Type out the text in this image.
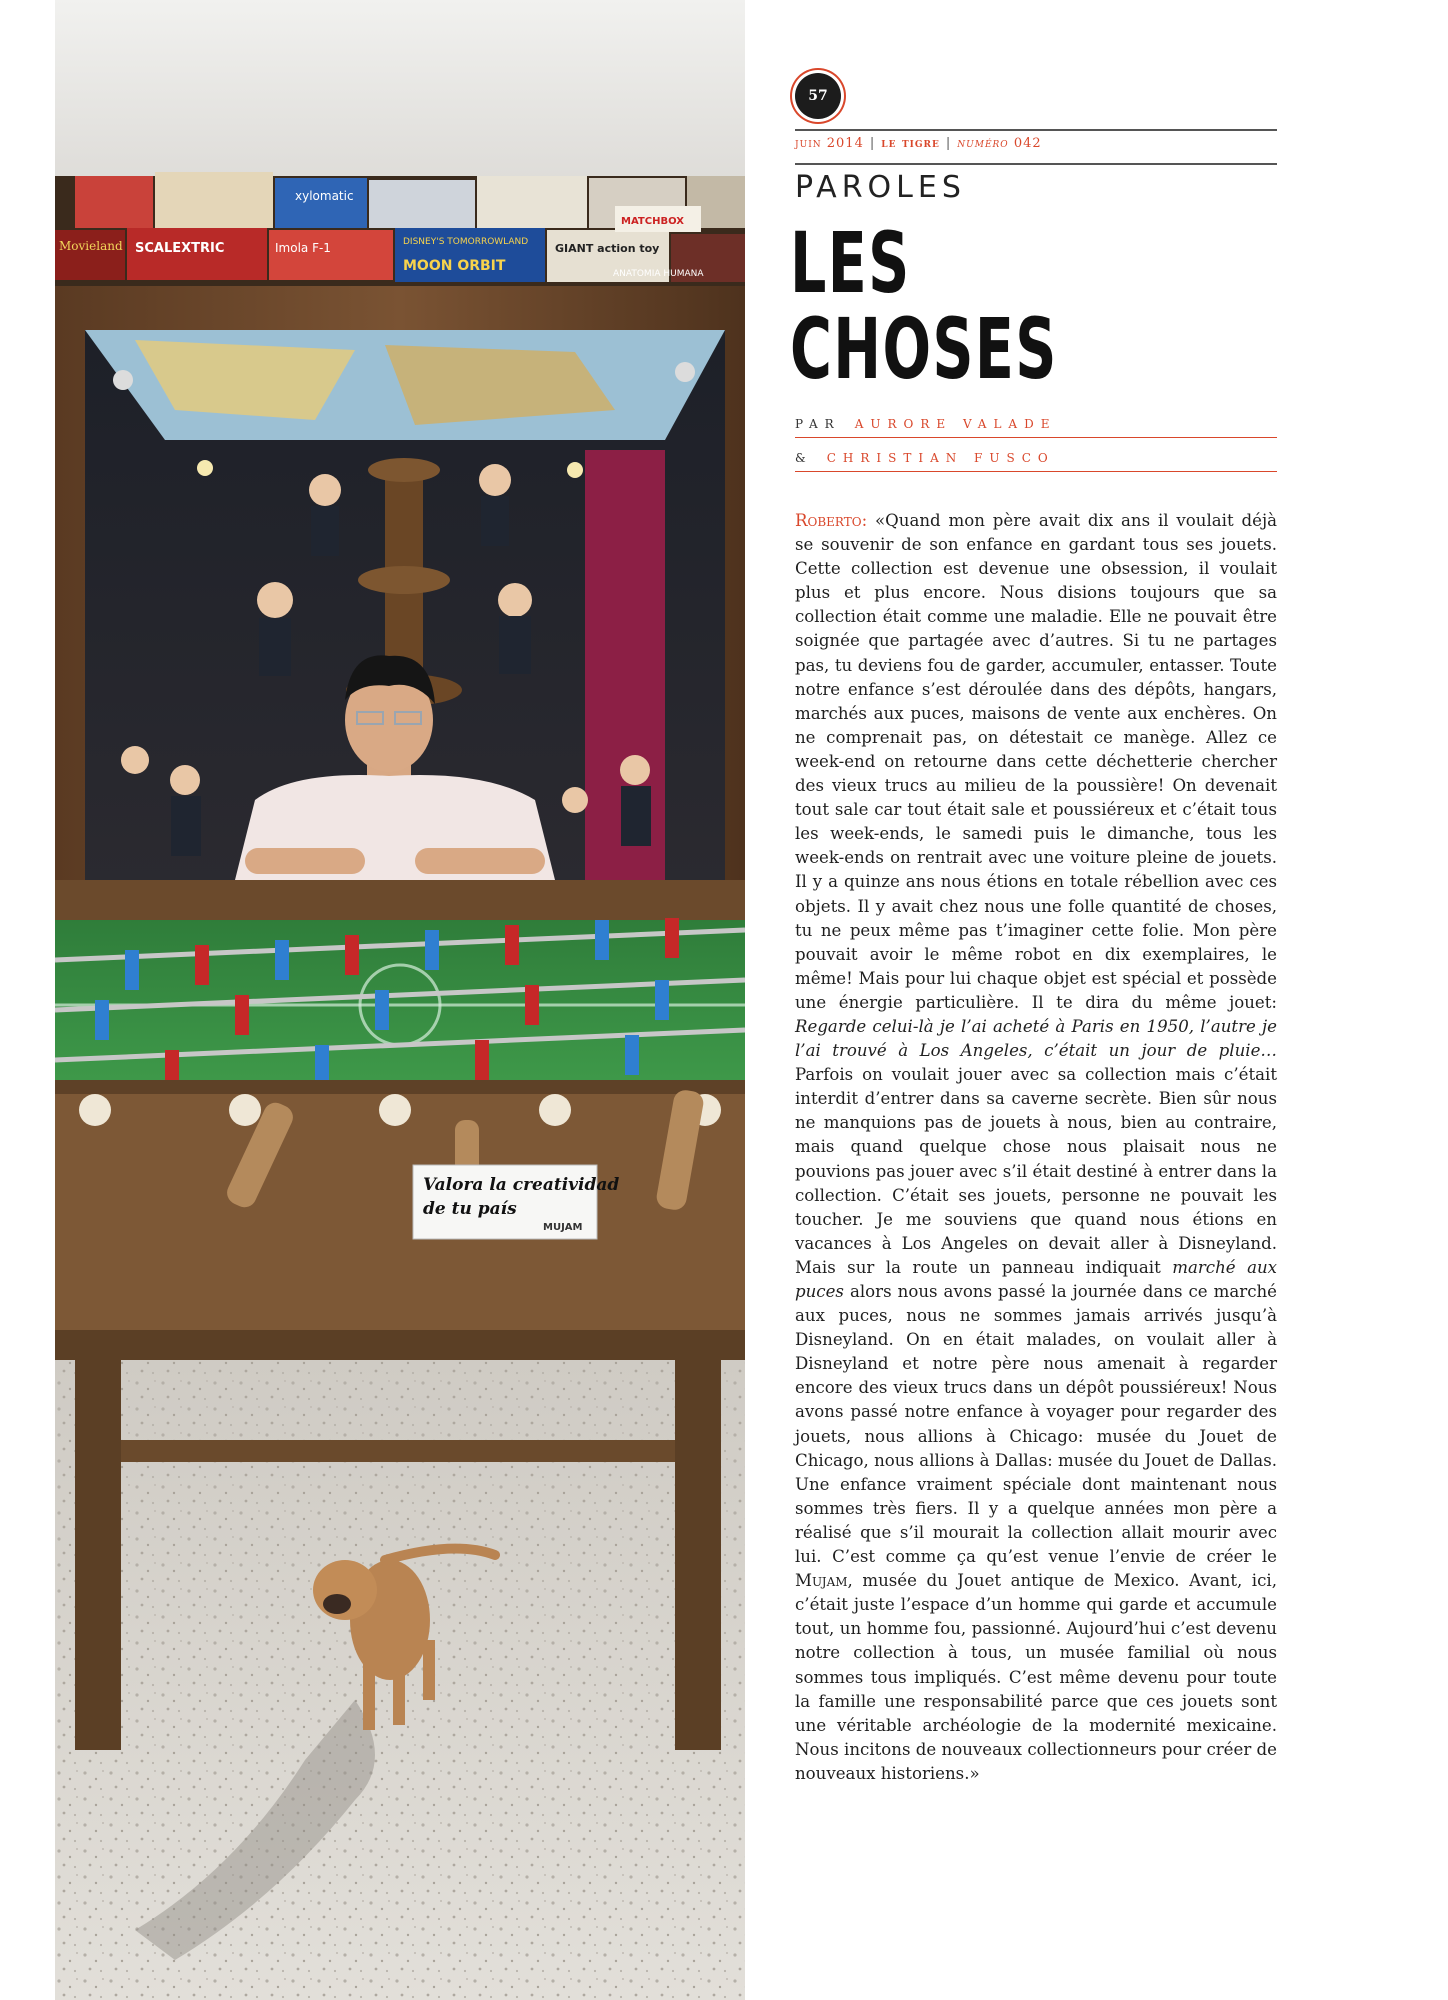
xylomatic
Movieland SCALEXTRIC	Imola F-1	DISNEY'S TOMORROWLAND
MOON ORBIT
GIANT action toy
MATCHBOX
ANATOMIA HUMANA
Valora la creatividad
de tu país
MUJAM
57
juin 2014 | le tigre | numéro 042
PAROLES
LES
CHOSES
PAR AURORE VALADE
& CHRISTIAN FUSCO

Roberto: «Quand mon père avait dix ans il voulait déjà se souvenir de son enfance en gardant tous ses jouets. Cette collection est devenue une obsession, il voulait plus et plus encore. Nous disions toujours que sa collection était comme une maladie. Elle ne pouvait être soignée que partagée avec d’autres. Si tu ne partages pas, tu deviens fou de garder, accumuler, entasser. Toute notre enfance s’est déroulée dans des dépôts, hangars, marchés aux puces, maisons de vente aux enchères. On ne comprenait pas, on détestait ce manège. Allez ce week-end on retourne dans cette déchetterie chercher des vieux trucs au milieu de la poussière! On devenait tout sale car tout était sale et poussiéreux et c’était tous les week-ends, le samedi puis le dimanche, tous les week-ends on rentrait avec une voiture pleine de jouets. Il y a quinze ans nous étions en totale rébellion avec ces objets. Il y avait chez nous une folle quantité de choses, tu ne peux même pas t’imaginer cette folie. Mon père pouvait avoir le même robot en dix exemplaires, le même! Mais pour lui chaque objet est spécial et possède une énergie particulière. Il te dira du même jouet: Regarde celui-là je l’ai acheté à Paris en 1950, l’autre je l’ai trouvé à Los Angeles, c’était un jour de pluie… Parfois on voulait jouer avec sa collection mais c’était interdit d’entrer dans sa caverne secrète. Bien sûr nous ne manquions pas de jouets à nous, bien au contraire, mais quand quelque chose nous plaisait nous ne pouvions pas jouer avec s’il était destiné à entrer dans la collection. C’était ses jouets, personne ne pouvait les toucher. Je me souviens que quand nous étions en vacances à Los Angeles on devait aller à Disneyland. Mais sur la route un panneau indiquait marché aux puces alors nous avons passé la journée dans ce marché aux puces, nous ne sommes jamais arrivés jusqu’à Disneyland. On en était malades, on voulait aller à Disneyland et notre père nous amenait à regarder encore des vieux trucs dans un dépôt poussiéreux! Nous avons passé notre enfance à voyager pour regarder des jouets, nous allions à Chicago: musée du Jouet de Chicago, nous allions à Dallas: musée du Jouet de Dallas. Une enfance vraiment spéciale dont maintenant nous sommes très fiers. Il y a quelque années mon père a réalisé que s’il mourait la collection allait mourir avec lui. C’est comme ça qu’est venue l’envie de créer le Mujam, musée du Jouet antique de Mexico. Avant, ici, c’était juste l’espace d’un homme qui garde et accumule tout, un homme fou, passionné. Aujourd’hui c’est devenu notre collection à tous, un musée familial où nous sommes tous impliqués. C’est même devenu pour toute la famille une responsabilité parce que ces jouets sont une véritable archéologie de la modernité mexicaine. Nous incitons de nouveaux collectionneurs pour créer de nouveaux historiens.»
